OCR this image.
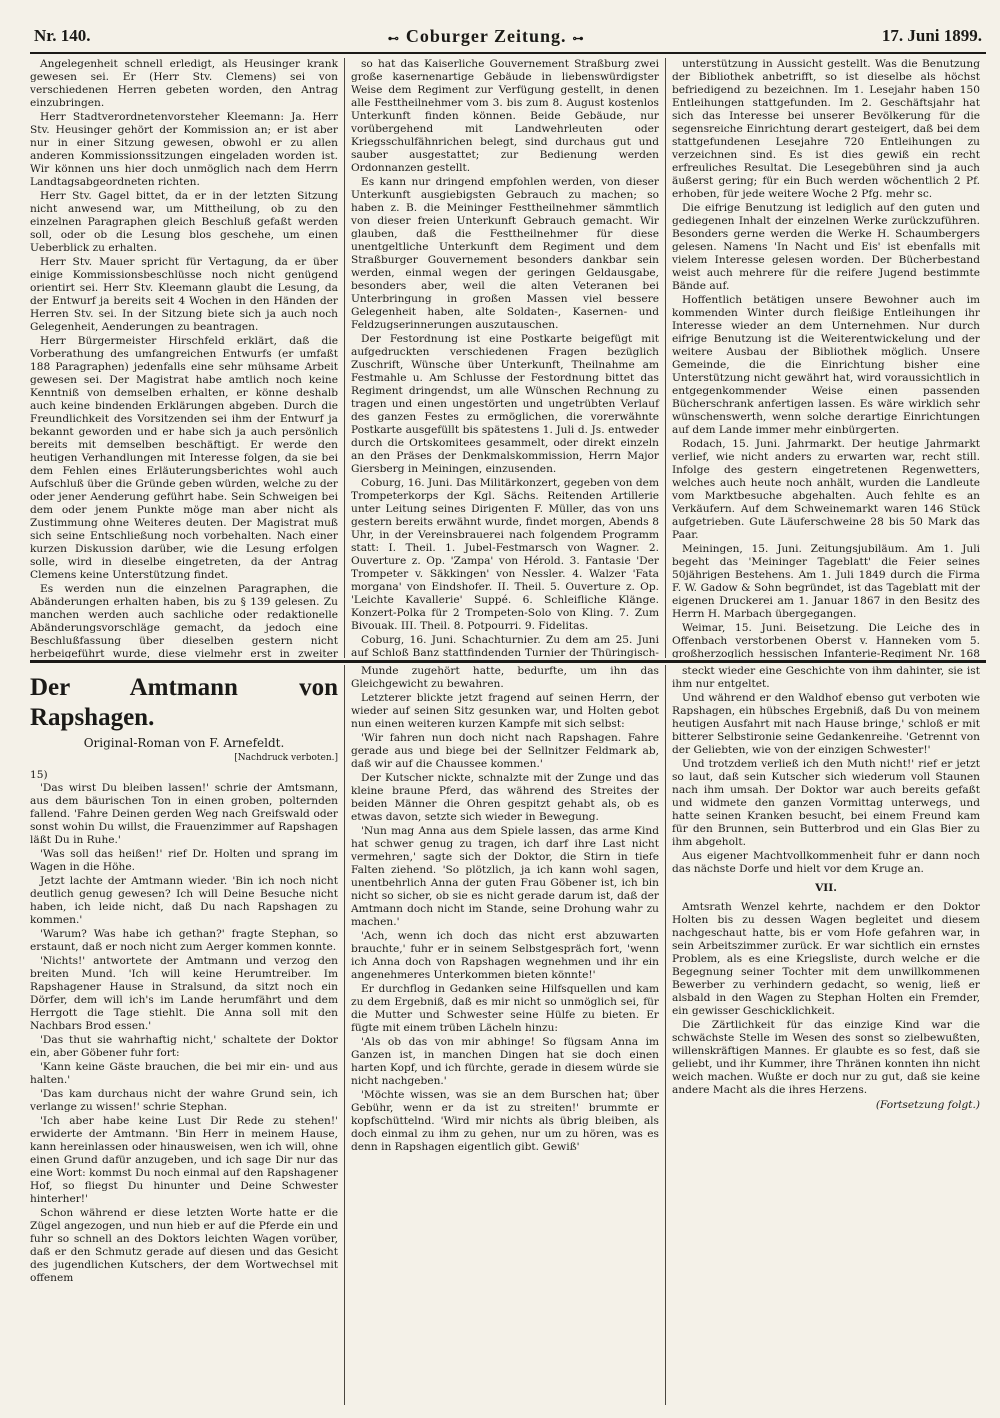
Nr. 140.	⊷ Coburger Zeitung. ⊶	17. Juni 1899.

Angelegenheit schnell erledigt, als Heusinger krank gewesen sei. Er (Herr Stv. Clemens) sei von verschiedenen Herren gebeten worden, den Antrag einzubringen.

Herr Stadtverordnetenvorsteher Kleemann: Ja. Herr Stv. Heusinger gehört der Kommission an; er ist aber nur in einer Sitzung gewesen, obwohl er zu allen anderen Kommissionssitzungen eingeladen worden ist. Wir können uns hier doch unmöglich nach dem Herrn Landtagsabgeordneten richten.

Herr Stv. Gagel bittet, da er in der letzten Sitzung nicht anwesend war, um Mittheilung, ob zu den einzelnen Paragraphen gleich Beschluß gefaßt werden soll, oder ob die Lesung blos geschehe, um einen Ueberblick zu erhalten.

Herr Stv. Mauer spricht für Vertagung, da er über einige Kommissionsbeschlüsse noch nicht genügend orientirt sei. Herr Stv. Kleemann glaubt die Lesung, da der Entwurf ja bereits seit 4 Wochen in den Händen der Herren Stv. sei. In der Sitzung biete sich ja auch noch Gelegenheit, Aenderungen zu beantragen.

Herr Bürgermeister Hirschfeld erklärt, daß die Vorberathung des umfangreichen Entwurfs (er umfaßt 188 Paragraphen) jedenfalls eine sehr mühsame Arbeit gewesen sei. Der Magistrat habe amtlich noch keine Kenntniß von demselben erhalten, er könne deshalb auch keine bindenden Erklärungen abgeben. Durch die Freundlichkeit des Vorsitzenden sei ihm der Entwurf ja bekannt geworden und er habe sich ja auch persönlich bereits mit demselben beschäftigt. Er werde den heutigen Verhandlungen mit Interesse folgen, da sie bei dem Fehlen eines Erläuterungsberichtes wohl auch Aufschluß über die Gründe geben würden, welche zu der oder jener Aenderung geführt habe. Sein Schweigen bei dem oder jenem Punkte möge man aber nicht als Zustimmung ohne Weiteres deuten. Der Magistrat muß sich seine Entschließung noch vorbehalten. Nach einer kurzen Diskussion darüber, wie die Lesung erfolgen solle, wird in dieselbe eingetreten, da der Antrag Clemens keine Unterstützung findet.

Es werden nun die einzelnen Paragraphen, die Abänderungen erhalten haben, bis zu § 139 gelesen. Zu manchen werden auch sachliche oder redaktionelle Abänderungsvorschläge gemacht, da jedoch eine Beschlußfassung über dieselben gestern nicht herbeigeführt wurde, diese vielmehr erst in zweiter

so hat das Kaiserliche Gouvernement Straßburg zwei große kasernenartige Gebäude in liebenswürdigster Weise dem Regiment zur Verfügung gestellt, in denen alle Festtheilnehmer vom 3. bis zum 8. August kostenlos Unterkunft finden können. Beide Gebäude, nur vorübergehend mit Landwehrleuten oder Kriegsschulfähnrichen belegt, sind durchaus gut und sauber ausgestattet; zur Bedienung werden Ordonnanzen gestellt.

Es kann nur dringend empfohlen werden, von dieser Unterkunft ausgiebigsten Gebrauch zu machen; so haben z. B. die Meininger Festtheilnehmer sämmtlich von dieser freien Unterkunft Gebrauch gemacht. Wir glauben, daß die Festtheilnehmer für diese unentgeltliche Unterkunft dem Regiment und dem Straßburger Gouvernement besonders dankbar sein werden, einmal wegen der geringen Geldausgabe, besonders aber, weil die alten Veteranen bei Unterbringung in großen Massen viel bessere Gelegenheit haben, alte Soldaten-, Kasernen- und Feldzugserinnerungen auszutauschen.

Der Festordnung ist eine Postkarte beigefügt mit aufgedruckten verschiedenen Fragen bezüglich Zuschrift, Wünsche über Unterkunft, Theilnahme am Festmahle u. Am Schlusse der Festordnung bittet das Regiment dringendst, um alle Wünschen Rechnung zu tragen und einen ungestörten und ungetrübten Verlauf des ganzen Festes zu ermöglichen, die vorerwähnte Postkarte ausgefüllt bis spätestens 1. Juli d. Js. entweder durch die Ortskomitees gesammelt, oder direkt einzeln an den Präses der Denkmalskommission, Herrn Major Giersberg in Meiningen, einzusenden.

Coburg, 16. Juni. Das Militärkonzert, gegeben von dem Trompeterkorps der Kgl. Sächs. Reitenden Artillerie unter Leitung seines Dirigenten F. Müller, das von uns gestern bereits erwähnt wurde, findet morgen, Abends 8 Uhr, in der Vereinsbrauerei nach folgendem Programm statt: I. Theil. 1. Jubel-Festmarsch von Wagner. 2. Ouverture z. Op. 'Zampa' von Hérold. 3. Fantasie 'Der Trompeter v. Säkkingen' von Nessler. 4. Walzer 'Fata morgana' von Eindshofer. II. Theil. 5. Ouverture z. Op. 'Leichte Kavallerie' Suppé. 6. Schleifliche Klänge. Konzert-Polka für 2 Trompeten-Solo von Kling. 7. Zum Bivouak. III. Theil. 8. Potpourri. 9. Fidelitas.

Coburg, 16. Juni. Schachturnier. Zu dem am 25. Juni auf Schloß Banz stattfindenden Turnier der Thüringisch-

unterstützung in Aussicht gestellt. Was die Benutzung der Bibliothek anbetrifft, so ist dieselbe als höchst befriedigend zu bezeichnen. Im 1. Lesejahr haben 150 Entleihungen stattgefunden. Im 2. Geschäftsjahr hat sich das Interesse bei unserer Bevölkerung für die segensreiche Einrichtung derart gesteigert, daß bei dem stattgefundenen Lesejahre 720 Entleihungen zu verzeichnen sind. Es ist dies gewiß ein recht erfreuliches Resultat. Die Lesegebühren sind ja auch äußerst gering; für ein Buch werden wöchentlich 2 Pf. erhoben, für jede weitere Woche 2 Pfg. mehr sc.

Die eifrige Benutzung ist lediglich auf den guten und gediegenen Inhalt der einzelnen Werke zurückzuführen. Besonders gerne werden die Werke H. Schaumbergers gelesen. Namens 'In Nacht und Eis' ist ebenfalls mit vielem Interesse gelesen worden. Der Bücherbestand weist auch mehrere für die reifere Jugend bestimmte Bände auf.

Hoffentlich betätigen unsere Bewohner auch im kommenden Winter durch fleißige Entleihungen ihr Interesse wieder an dem Unternehmen. Nur durch eifrige Benutzung ist die Weiterentwickelung und der weitere Ausbau der Bibliothek möglich. Unsere Gemeinde, die die Einrichtung bisher eine Unterstützung nicht gewährt hat, wird voraussichtlich in entgegenkommender Weise einen passenden Bücherschrank anfertigen lassen. Es wäre wirklich sehr wünschenswerth, wenn solche derartige Einrichtungen auf dem Lande immer mehr einbürgerten.

Rodach, 15. Juni. Jahrmarkt. Der heutige Jahrmarkt verlief, wie nicht anders zu erwarten war, recht still. Infolge des gestern eingetretenen Regenwetters, welches auch heute noch anhält, wurden die Landleute vom Marktbesuche abgehalten. Auch fehlte es an Verkäufern. Auf dem Schweinemarkt waren 146 Stück aufgetrieben. Gute Läuferschweine 28 bis 50 Mark das Paar.

Meiningen, 15. Juni. Zeitungsjubiläum. Am 1. Juli begeht das 'Meininger Tageblatt' die Feier seines 50jährigen Bestehens. Am 1. Juli 1849 durch die Firma F. W. Gadow & Sohn begründet, ist das Tageblatt mit der eigenen Druckerei am 1. Januar 1867 in den Besitz des Herrn H. Marbach übergegangen.

Weimar, 15. Juni. Beisetzung. Die Leiche des in Offenbach verstorbenen Oberst v. Hanneken vom 5. großherzoglich hessischen Infanterie-Regiment Nr. 168

Der Amtmann von Rapshagen.
Original-Roman von F. Arnefeldt.
[Nachdruck verboten.]
15)

'Das wirst Du bleiben lassen!' schrie der Amtsmann, aus dem bäurischen Ton in einen groben, polternden fallend. 'Fahre Deinen gerden Weg nach Greifswald oder sonst wohin Du willst, die Frauenzimmer auf Rapshagen läßt Du in Ruhe.'

'Was soll das heißen!' rief Dr. Holten und sprang im Wagen in die Höhe.

Jetzt lachte der Amtmann wieder. 'Bin ich noch nicht deutlich genug gewesen? Ich will Deine Besuche nicht haben, ich leide nicht, daß Du nach Rapshagen zu kommen.'

'Warum? Was habe ich gethan?' fragte Stephan, so erstaunt, daß er noch nicht zum Aerger kommen konnte.

'Nichts!' antwortete der Amtmann und verzog den breiten Mund. 'Ich will keine Herumtreiber. Im Rapshagener Hause in Stralsund, da sitzt noch ein Dörfer, dem will ich's im Lande herumfährt und dem Herrgott die Tage stiehlt. Die Anna soll mit den Nachbars Brod essen.'

'Das thut sie wahrhaftig nicht,' schaltete der Doktor ein, aber Göbener fuhr fort:

'Kann keine Gäste brauchen, die bei mir ein- und aus halten.'

'Das kam durchaus nicht der wahre Grund sein, ich verlange zu wissen!' schrie Stephan.

'Ich aber habe keine Lust Dir Rede zu stehen!' erwiderte der Amtmann. 'Bin Herr in meinem Hause, kann hereinlassen oder hinausweisen, wen ich will, ohne einen Grund dafür anzugeben, und ich sage Dir nur das eine Wort: kommst Du noch einmal auf den Rapshagener Hof, so fliegst Du hinunter und Deine Schwester hinterher!'

Schon während er diese letzten Worte hatte er die Zügel angezogen, und nun hieb er auf die Pferde ein und fuhr so schnell an des Doktors leichten Wagen vorüber, daß er den Schmutz gerade auf diesen und das Gesicht des jugendlichen Kutschers, der dem Wortwechsel mit offenem

Munde zugehört hatte, bedurfte, um ihn das Gleichgewicht zu bewahren.

Letzterer blickte jetzt fragend auf seinen Herrn, der wieder auf seinen Sitz gesunken war, und Holten gebot nun einen weiteren kurzen Kampfe mit sich selbst:

'Wir fahren nun doch nicht nach Rapshagen. Fahre gerade aus und biege bei der Sellnitzer Feldmark ab, daß wir auf die Chaussee kommen.'

Der Kutscher nickte, schnalzte mit der Zunge und das kleine braune Pferd, das während des Streites der beiden Männer die Ohren gespitzt gehabt als, ob es etwas davon, setzte sich wieder in Bewegung.

'Nun mag Anna aus dem Spiele lassen, das arme Kind hat schwer genug zu tragen, ich darf ihre Last nicht vermehren,' sagte sich der Doktor, die Stirn in tiefe Falten ziehend. 'So plötzlich, ja ich kann wohl sagen, unentbehrlich Anna der guten Frau Göbener ist, ich bin nicht so sicher, ob sie es nicht gerade darum ist, daß der Amtmann doch nicht im Stande, seine Drohung wahr zu machen.'

'Ach, wenn ich doch das nicht erst abzuwarten brauchte,' fuhr er in seinem Selbstgespräch fort, 'wenn ich Anna doch von Rapshagen wegnehmen und ihr ein angenehmeres Unterkommen bieten könnte!'

Er durchflog in Gedanken seine Hilfsquellen und kam zu dem Ergebniß, daß es mir nicht so unmöglich sei, für die Mutter und Schwester seine Hülfe zu bieten. Er fügte mit einem trüben Lächeln hinzu:

'Als ob das von mir abhinge! So fügsam Anna im Ganzen ist, in manchen Dingen hat sie doch einen harten Kopf, und ich fürchte, gerade in diesem würde sie nicht nachgeben.'

'Möchte wissen, was sie an dem Burschen hat; über Gebühr, wenn er da ist zu streiten!' brummte er kopfschüttelnd. 'Wird mir nichts als übrig bleiben, als doch einmal zu ihm zu gehen, nur um zu hören, was es denn in Rapshagen eigentlich gibt. Gewiß'

steckt wieder eine Geschichte von ihm dahinter, sie ist ihm nur entgeltet.

Und während er den Waldhof ebenso gut verboten wie Rapshagen, ein hübsches Ergebniß, daß Du von meinem heutigen Ausfahrt mit nach Hause bringe,' schloß er mit bitterer Selbstironie seine Gedankenreihe. 'Getrennt von der Geliebten, wie von der einzigen Schwester!'

Und trotzdem verließ ich den Muth nicht!' rief er jetzt so laut, daß sein Kutscher sich wiederum voll Staunen nach ihm umsah. Der Doktor war auch bereits gefaßt und widmete den ganzen Vormittag unterwegs, und hatte seinen Kranken besucht, bei einem Freund kam für den Brunnen, sein Butterbrod und ein Glas Bier zu ihm abgeholt.

Aus eigener Machtvollkommenheit fuhr er dann noch das nächste Dorfe und hielt vor dem Kruge an.

VII.

Amtsrath Wenzel kehrte, nachdem er den Doktor Holten bis zu dessen Wagen begleitet und diesem nachgeschaut hatte, bis er vom Hofe gefahren war, in sein Arbeitszimmer zurück. Er war sichtlich ein ernstes Problem, als es eine Kriegsliste, durch welche er die Begegnung seiner Tochter mit dem unwillkommenen Bewerber zu verhindern gedacht, so wenig, ließ er alsbald in den Wagen zu Stephan Holten ein Fremder, ein gewisser Geschicklichkeit.

Die Zärtlichkeit für das einzige Kind war die schwächste Stelle im Wesen des sonst so zielbewußten, willenskräftigen Mannes. Er glaubte es so fest, daß sie geliebt, und ihr Kummer, ihre Thränen konnten ihn nicht weich machen. Wußte er doch nur zu gut, daß sie keine andere Macht als die ihres Herzens.

(Fortsetzung folgt.)
